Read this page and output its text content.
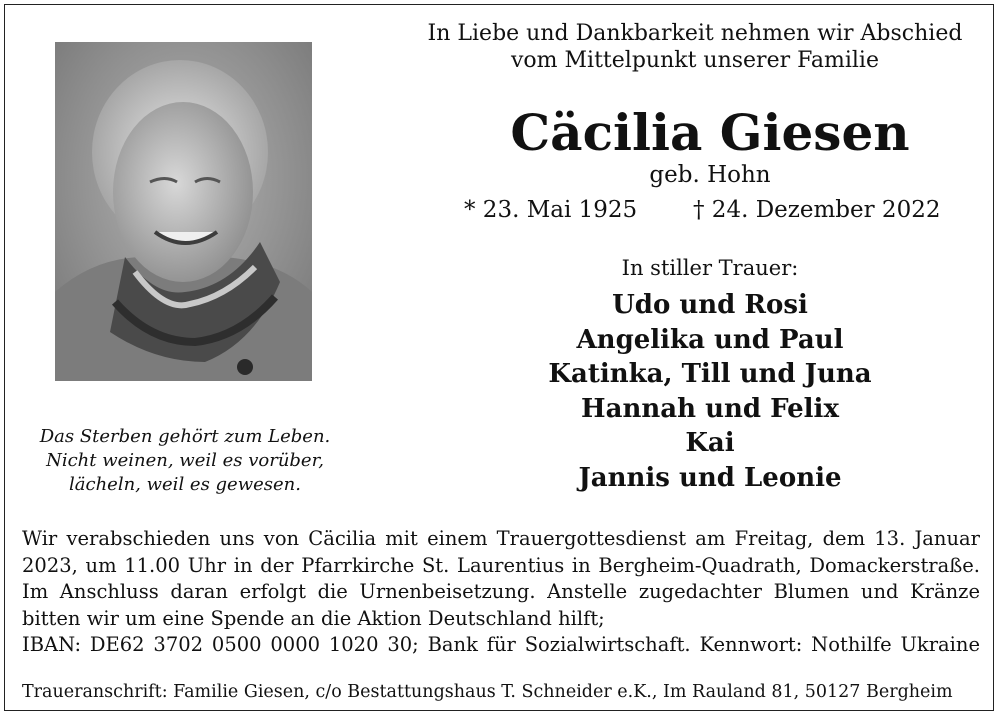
Das Sterben gehört zum Leben.
Nicht weinen, weil es vorüber,
lächeln, weil es gewesen.
In Liebe und Dankbarkeit nehmen wir Abschied
vom Mittelpunkt unserer Familie
Cäcilia Giesen
geb. Hohn
* 23. Mai 1925 † 24. Dezember 2022
In stiller Trauer:
Udo und Rosi
Angelika und Paul
Katinka, Till und Juna
Hannah und Felix
Kai
Jannis und Leonie
Wir verabschieden uns von Cäcilia mit einem Trauergottesdienst am Freitag, dem 13. Januar
2023, um 11.00 Uhr in der Pfarrkirche St. Laurentius in Bergheim-Quadrath, Domackerstraße.
Im Anschluss daran erfolgt die Urnenbeisetzung. Anstelle zugedachter Blumen und Kränze
bitten wir um eine Spende an die Aktion Deutschland hilft;
IBAN: DE62 3702 0500 0000 1020 30; Bank für Sozialwirtschaft. Kennwort: Nothilfe Ukraine
Traueranschrift: Familie Giesen, c/o Bestattungshaus T. Schneider e.K., Im Rauland 81, 50127 Bergheim
